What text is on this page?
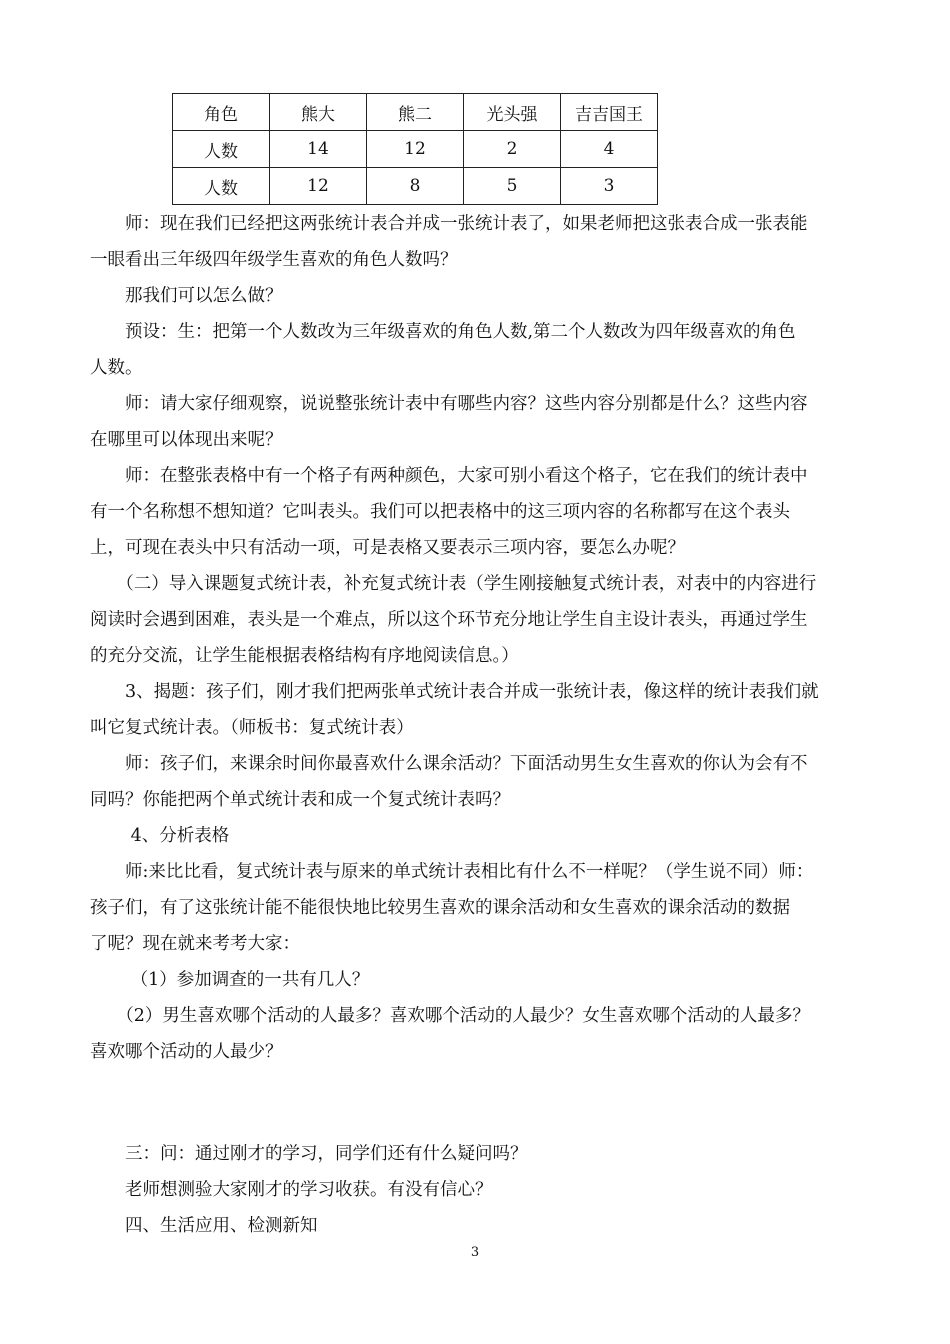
角色	熊大	熊二	光头强	吉吉国王
人数	14	12	2	4
人数	12	8	5	3

　　师：现在我们已经把这两张统计表合并成一张统计表了，如果老师把这张表合成一张表能

一眼看出三年级四年级学生喜欢的角色人数吗？

　　那我们可以怎么做？

　　预设：生：把第一个人数改为三年级喜欢的角色人数,第二个人数改为四年级喜欢的角色

人数。

　　师：请大家仔细观察，说说整张统计表中有哪些内容？这些内容分别都是什么？这些内容

在哪里可以体现出来呢？

　　师：在整张表格中有一个格子有两种颜色，大家可别小看这个格子，它在我们的统计表中

有一个名称想不想知道？它叫表头。我们可以把表格中的这三项内容的名称都写在这个表头

上，可现在表头中只有活动一项，可是表格又要表示三项内容，要怎么办呢？

　　（二）导入课题复式统计表，补充复式统计表（学生刚接触复式统计表，对表中的内容进行

阅读时会遇到困难，表头是一个难点，所以这个环节充分地让学生自主设计表头，再通过学生

的充分交流，让学生能根据表格结构有序地阅读信息。）

　　3、揭题：孩子们，刚才我们把两张单式统计表合并成一张统计表，像这样的统计表我们就

叫它复式统计表。（师板书：复式统计表）

　　师：孩子们，来课余时间你最喜欢什么课余活动？下面活动男生女生喜欢的你认为会有不

同吗？你能把两个单式统计表和成一个复式统计表吗？

　　 4、分析表格

　　师:来比比看，复式统计表与原来的单式统计表相比有什么不一样呢？（学生说不同）师：

孩子们，有了这张统计能不能很快地比较男生喜欢的课余活动和女生喜欢的课余活动的数据

了呢？现在就来考考大家：

　　 （1）参加调查的一共有几人？

　　（2）男生喜欢哪个活动的人最多？喜欢哪个活动的人最少？女生喜欢哪个活动的人最多？

喜欢哪个活动的人最少？

　　三：问：通过刚才的学习，同学们还有什么疑问吗？

　　老师想测验大家刚才的学习收获。有没有信心？

　　四、生活应用、检测新知

3
